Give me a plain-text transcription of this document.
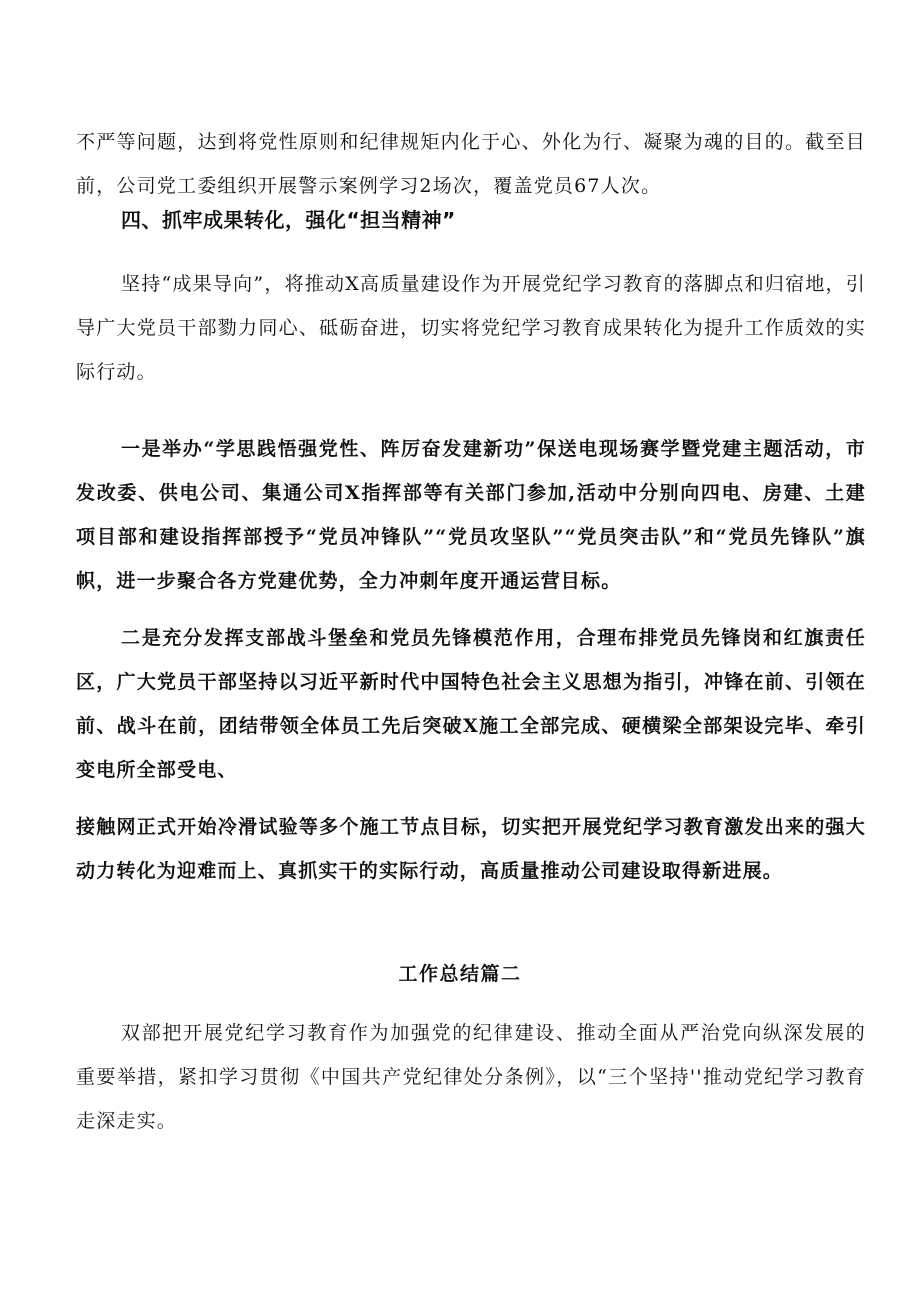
不严等问题，达到将党性原则和纪律规矩内化于心、外化为行、凝聚为魂的目的。截至目前，公司党工委组织开展警示案例学习2场次，覆盖党员67人次。

四、抓牢成果转化，强化“担当精神”

坚持“成果导向”，将推动X高质量建设作为开展党纪学习教育的落脚点和归宿地，引导广大党员干部勠力同心、砥砺奋进，切实将党纪学习教育成果转化为提升工作质效的实际行动。

一是举办“学思践悟强党性、阵厉奋发建新功”保送电现场赛学暨党建主题活动，市发改委、供电公司、集通公司X指挥部等有关部门参加,活动中分别向四电、房建、土建项目部和建设指挥部授予“党员冲锋队”“党员攻坚队”“党员突击队”和“党员先锋队”旗帜，进一步聚合各方党建优势，全力冲刺年度开通运营目标。

二是充分发挥支部战斗堡垒和党员先锋模范作用，合理布排党员先锋岗和红旗责任区，广大党员干部坚持以习近平新时代中国特色社会主义思想为指引，冲锋在前、引领在前、战斗在前，团结带领全体员工先后突破X施工全部完成、硬横梁全部架设完毕、牵引变电所全部受电、

接触网正式开始冷滑试验等多个施工节点目标，切实把开展党纪学习教育激发出来的强大动力转化为迎难而上、真抓实干的实际行动，高质量推动公司建设取得新进展。

工作总结篇二

双部把开展党纪学习教育作为加强党的纪律建设、推动全面从严治党向纵深发展的重要举措，紧扣学习贯彻《中国共产党纪律处分条例》，以“三个坚持''推动党纪学习教育走深走实。
